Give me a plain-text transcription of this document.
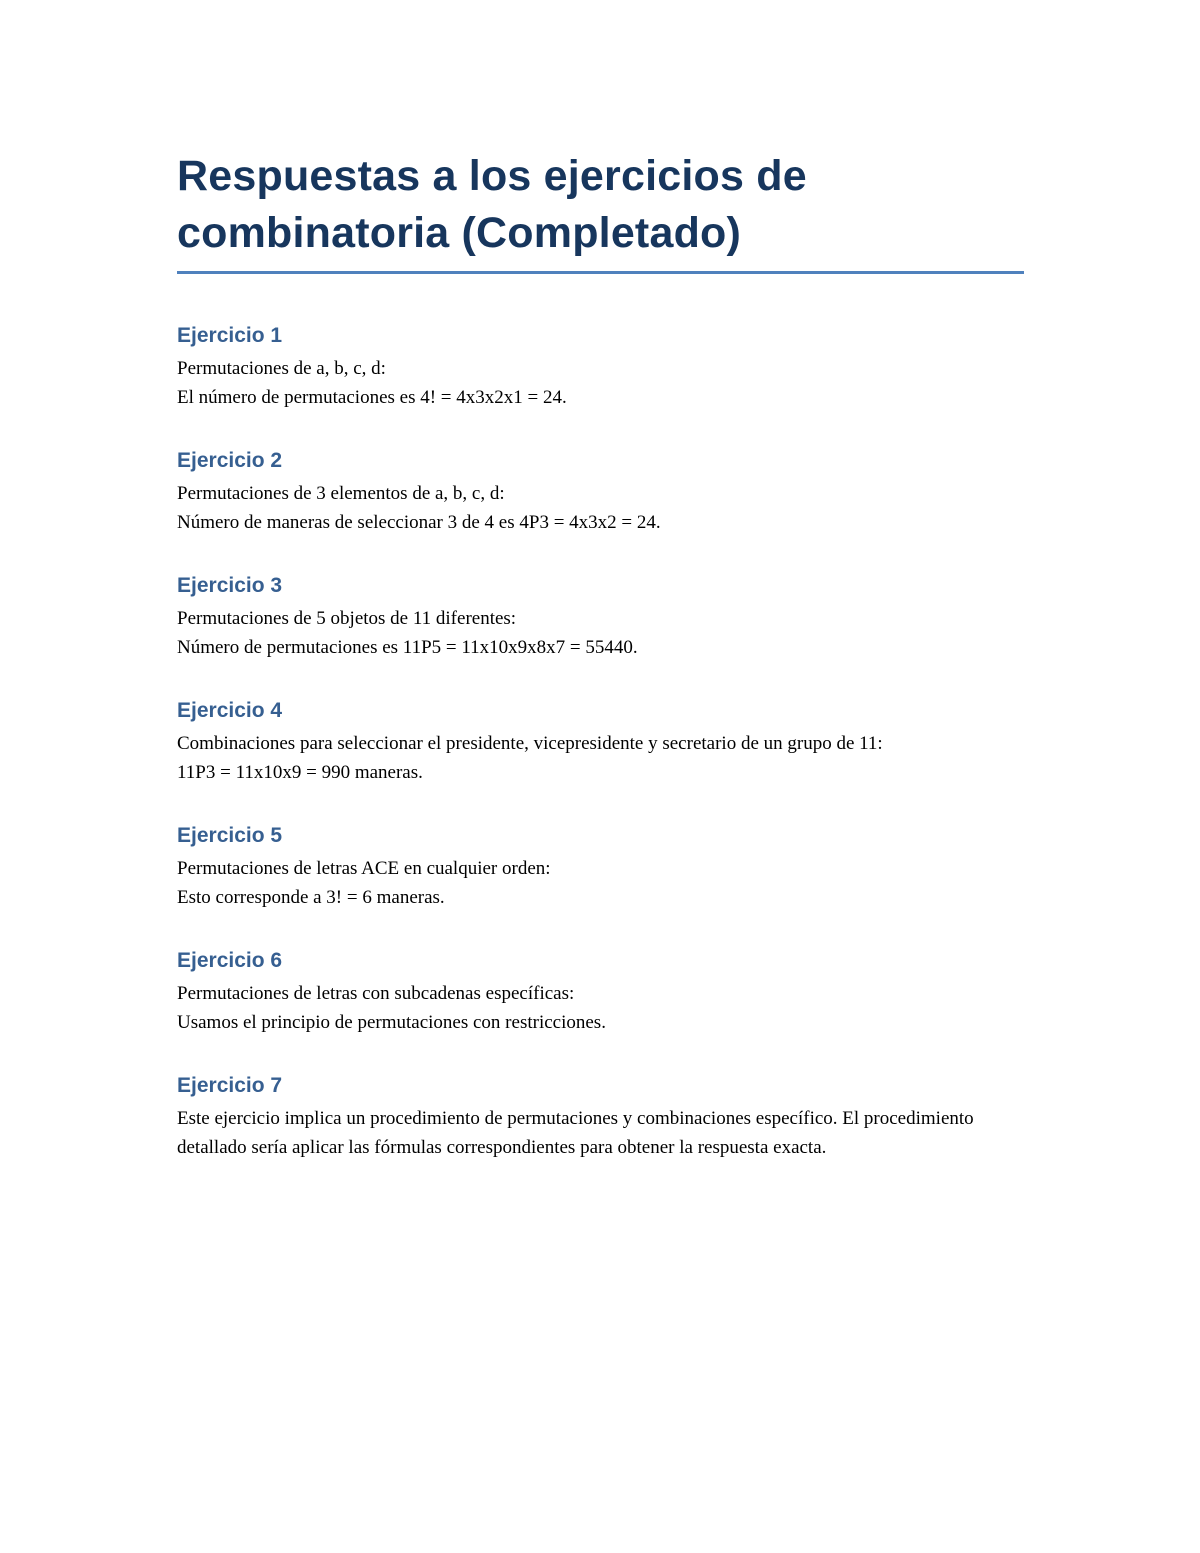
Respuestas a los ejercicios de combinatoria (Completado)
Ejercicio 1

Permutaciones de a, b, c, d:

El número de permutaciones es 4! = 4x3x2x1 = 24.

Ejercicio 2

Permutaciones de 3 elementos de a, b, c, d:

Número de maneras de seleccionar 3 de 4 es 4P3 = 4x3x2 = 24.

Ejercicio 3

Permutaciones de 5 objetos de 11 diferentes:

Número de permutaciones es 11P5 = 11x10x9x8x7 = 55440.

Ejercicio 4

Combinaciones para seleccionar el presidente, vicepresidente y secretario de un grupo de 11:

11P3 = 11x10x9 = 990 maneras.

Ejercicio 5

Permutaciones de letras ACE en cualquier orden:

Esto corresponde a 3! = 6 maneras.

Ejercicio 6

Permutaciones de letras con subcadenas específicas:

Usamos el principio de permutaciones con restricciones.

Ejercicio 7

Este ejercicio implica un procedimiento de permutaciones y combinaciones específico. El procedimiento detallado sería aplicar las fórmulas correspondientes para obtener la respuesta exacta.
